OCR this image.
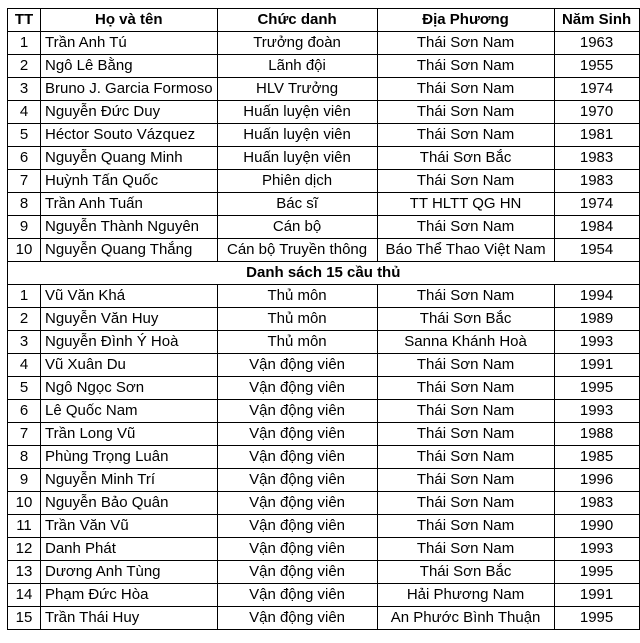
TT	Họ và tên	Chức danh	Địa Phương	Năm Sinh
1	Trần Anh Tú	Trưởng đoàn	Thái Sơn Nam	1963
2	Ngô Lê Bằng	Lãnh đội	Thái Sơn Nam	1955
3	Bruno J. Garcia Formoso	HLV Trưởng	Thái Sơn Nam	1974
4	Nguyễn Đức Duy	Huấn luyện viên	Thái Sơn Nam	1970
5	Héctor Souto Vázquez	Huấn luyện viên	Thái Sơn Nam	1981
6	Nguyễn Quang Minh	Huấn luyện viên	Thái Sơn Bắc	1983
7	Huỳnh Tấn Quốc	Phiên dịch	Thái Sơn Nam	1983
8	Trần Anh Tuấn	Bác sĩ	TT HLTT QG HN	1974
9	Nguyễn Thành Nguyên	Cán bộ	Thái Sơn Nam	1984
10	Nguyễn Quang Thắng	Cán bộ Truyền thông	Báo Thể Thao Việt Nam	1954
Danh sách 15 cầu thủ				
1	Vũ Văn Khá	Thủ môn	Thái Sơn Nam	1994
2	Nguyễn Văn Huy	Thủ môn	Thái Sơn Bắc	1989
3	Nguyễn Đình Ý Hoà	Thủ môn	Sanna Khánh Hoà	1993
4	Vũ Xuân Du	Vận động viên	Thái Sơn Nam	1991
5	Ngô Ngọc Sơn	Vận động viên	Thái Sơn Nam	1995
6	Lê Quốc Nam	Vận động viên	Thái Sơn Nam	1993
7	Trần Long Vũ	Vận động viên	Thái Sơn Nam	1988
8	Phùng Trọng Luân	Vận động viên	Thái Sơn Nam	1985
9	Nguyễn Minh Trí	Vận động viên	Thái Sơn Nam	1996
10	Nguyễn Bảo Quân	Vận động viên	Thái Sơn Nam	1983
11	Trần Văn Vũ	Vận động viên	Thái Sơn Nam	1990
12	Danh Phát	Vận động viên	Thái Sơn Nam	1993
13	Dương Anh Tùng	Vận động viên	Thái Sơn Bắc	1995
14	Phạm Đức Hòa	Vận động viên	Hải Phương Nam	1991
15	Trần Thái Huy	Vận động viên	An Phước Bình Thuận	1995
